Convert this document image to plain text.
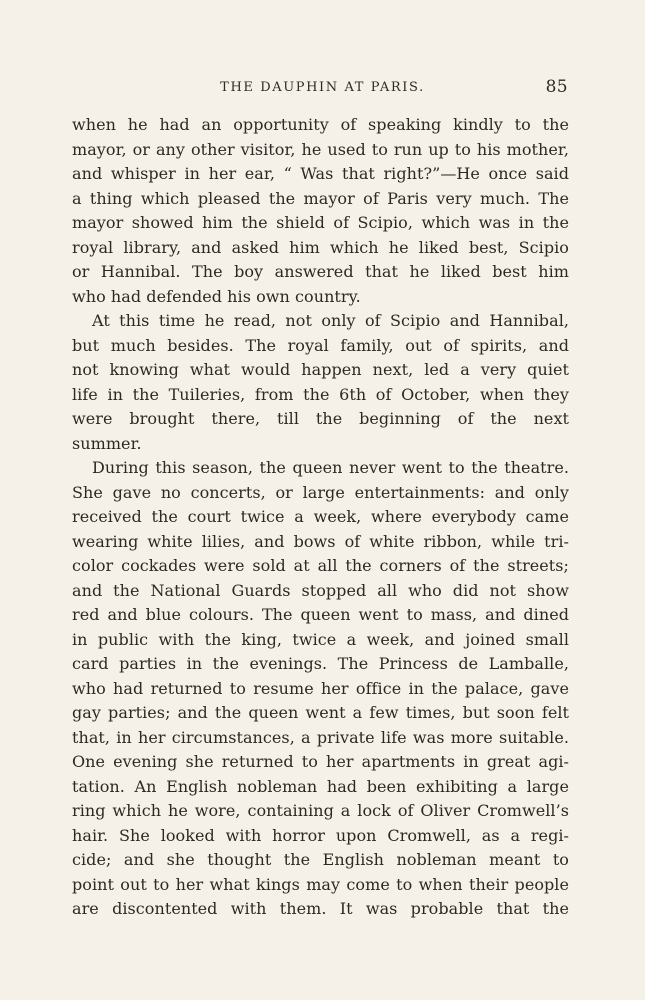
THE DAUPHIN AT PARIS.	85
when he had an opportunity of speaking kindly to the
mayor, or any other visitor, he used to run up to his mother,
and whisper in her ear, “ Was that right?”—He once said
a thing which pleased the mayor of Paris very much. The
mayor showed him the shield of Scipio, which was in the
royal library, and asked him which he liked best, Scipio
or Hannibal. The boy answered that he liked best him
who had defended his own country.
At this time he read, not only of Scipio and Hannibal,
but much besides. The royal family, out of spirits, and
not knowing what would happen next, led a very quiet
life in the Tuileries, from the 6th of October, when they
were brought there, till the beginning of the next
summer.
During this season, the queen never went to the theatre.
She gave no concerts, or large entertainments: and only
received the court twice a week, where everybody came
wearing white lilies, and bows of white ribbon, while tri-
color cockades were sold at all the corners of the streets;
and the National Guards stopped all who did not show
red and blue colours. The queen went to mass, and dined
in public with the king, twice a week, and joined small
card parties in the evenings. The Princess de Lamballe,
who had returned to resume her office in the palace, gave
gay parties; and the queen went a few times, but soon felt
that, in her circumstances, a private life was more suitable.
One evening she returned to her apartments in great agi-
tation. An English nobleman had been exhibiting a large
ring which he wore, containing a lock of Oliver Cromwell’s
hair. She looked with horror upon Cromwell, as a regi-
cide; and she thought the English nobleman meant to
point out to her what kings may come to when their people
are discontented with them. It was probable that the
